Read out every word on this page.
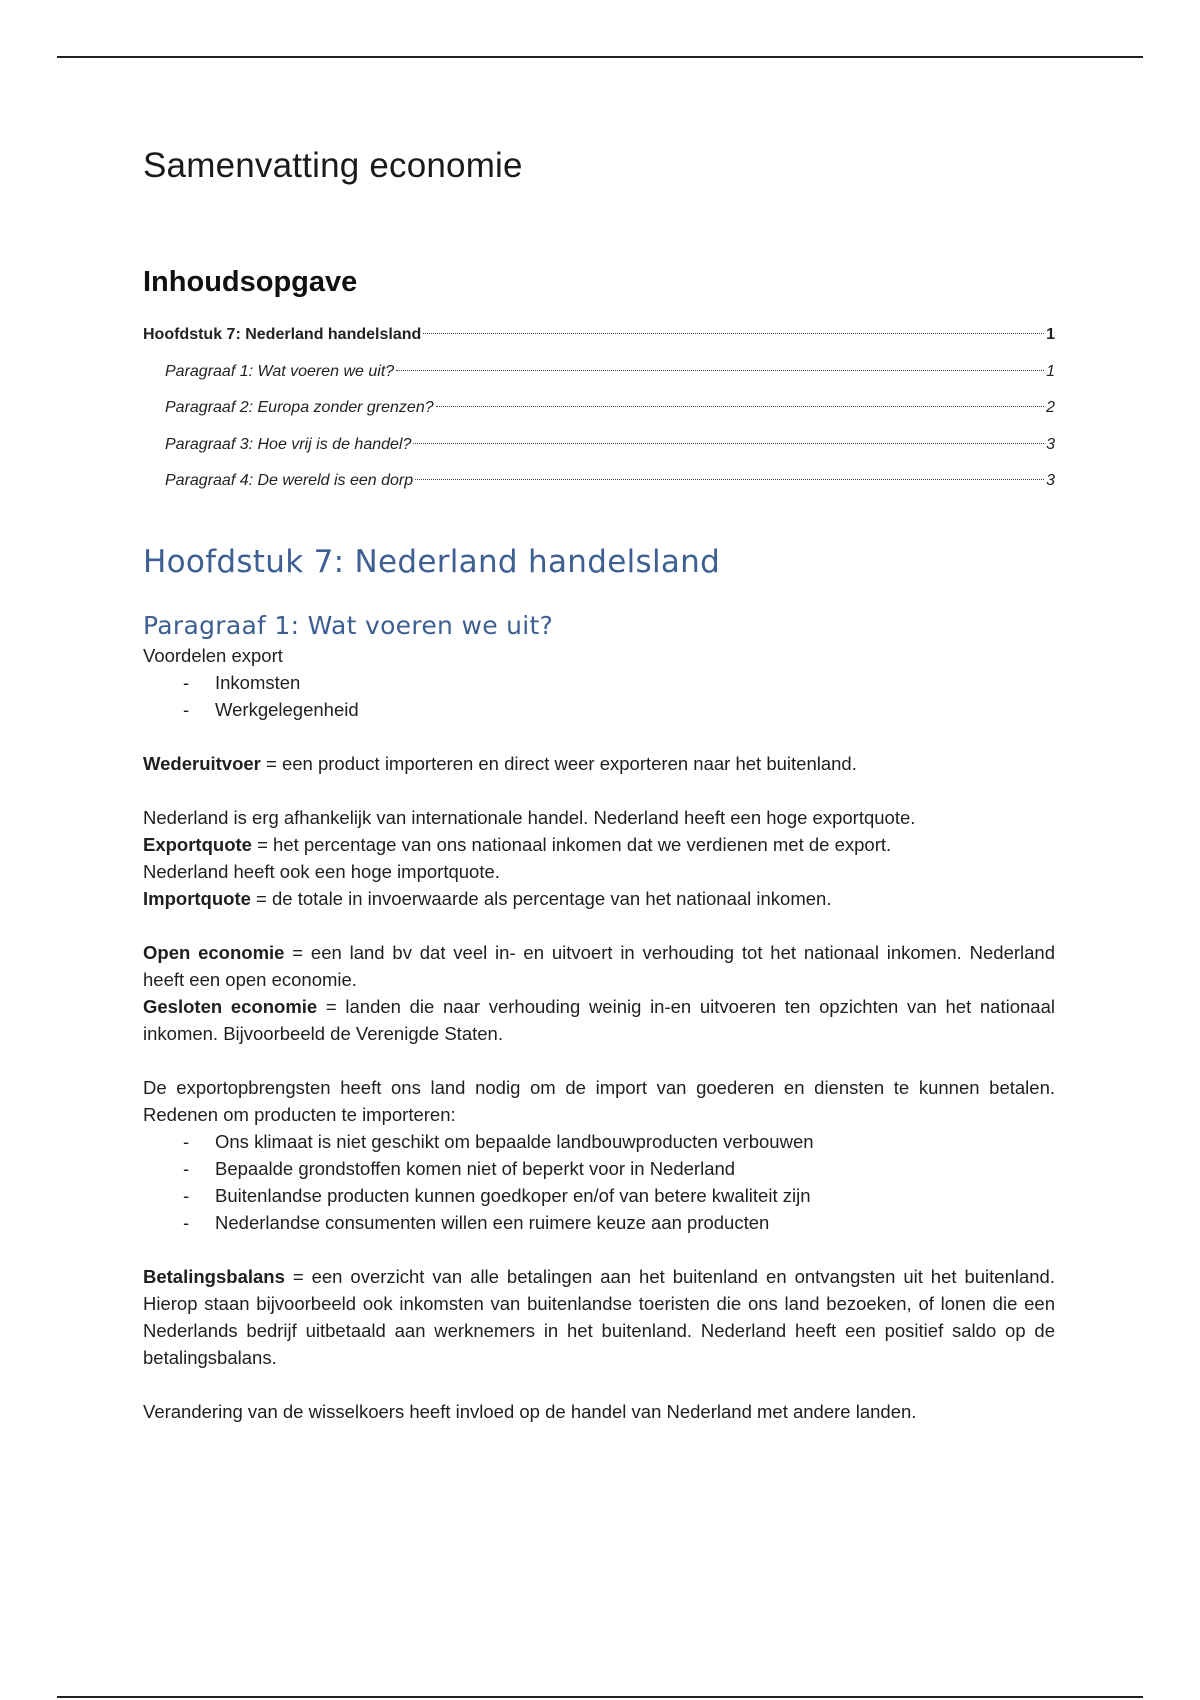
Samenvatting economie
Inhoudsopgave
Hoofdstuk 7: Nederland handelsland	1
Paragraaf 1: Wat voeren we uit?	1
Paragraaf 2: Europa zonder grenzen?	2
Paragraaf 3: Hoe vrij is de handel?	3
Paragraaf 4: De wereld is een dorp	3
Hoofdstuk 7: Nederland handelsland
Paragraaf 1: Wat voeren we uit?

Voordelen export

- Inkomsten
- Werkgelegenheid

Wederuitvoer = een product importeren en direct weer exporteren naar het buitenland.

Nederland is erg afhankelijk van internationale handel. Nederland heeft een hoge exportquote.

Exportquote = het percentage van ons nationaal inkomen dat we verdienen met de export.

Nederland heeft ook een hoge importquote.

Importquote = de totale in invoerwaarde als percentage van het nationaal inkomen.

Open economie = een land bv dat veel in- en uitvoert in verhouding tot het nationaal inkomen. Nederland heeft een open economie.

Gesloten economie = landen die naar verhouding weinig in-en uitvoeren ten opzichten van het nationaal inkomen. Bijvoorbeeld de Verenigde Staten.

De exportopbrengsten heeft ons land nodig om de import van goederen en diensten te kunnen betalen. Redenen om producten te importeren:

- Ons klimaat is niet geschikt om bepaalde landbouwproducten verbouwen
- Bepaalde grondstoffen komen niet of beperkt voor in Nederland
- Buitenlandse producten kunnen goedkoper en/of van betere kwaliteit zijn
- Nederlandse consumenten willen een ruimere keuze aan producten

Betalingsbalans = een overzicht van alle betalingen aan het buitenland en ontvangsten uit het buitenland. Hierop staan bijvoorbeeld ook inkomsten van buitenlandse toeristen die ons land bezoeken, of lonen die een Nederlands bedrijf uitbetaald aan werknemers in het buitenland. Nederland heeft een positief saldo op de betalingsbalans.

Verandering van de wisselkoers heeft invloed op de handel van Nederland met andere landen.
